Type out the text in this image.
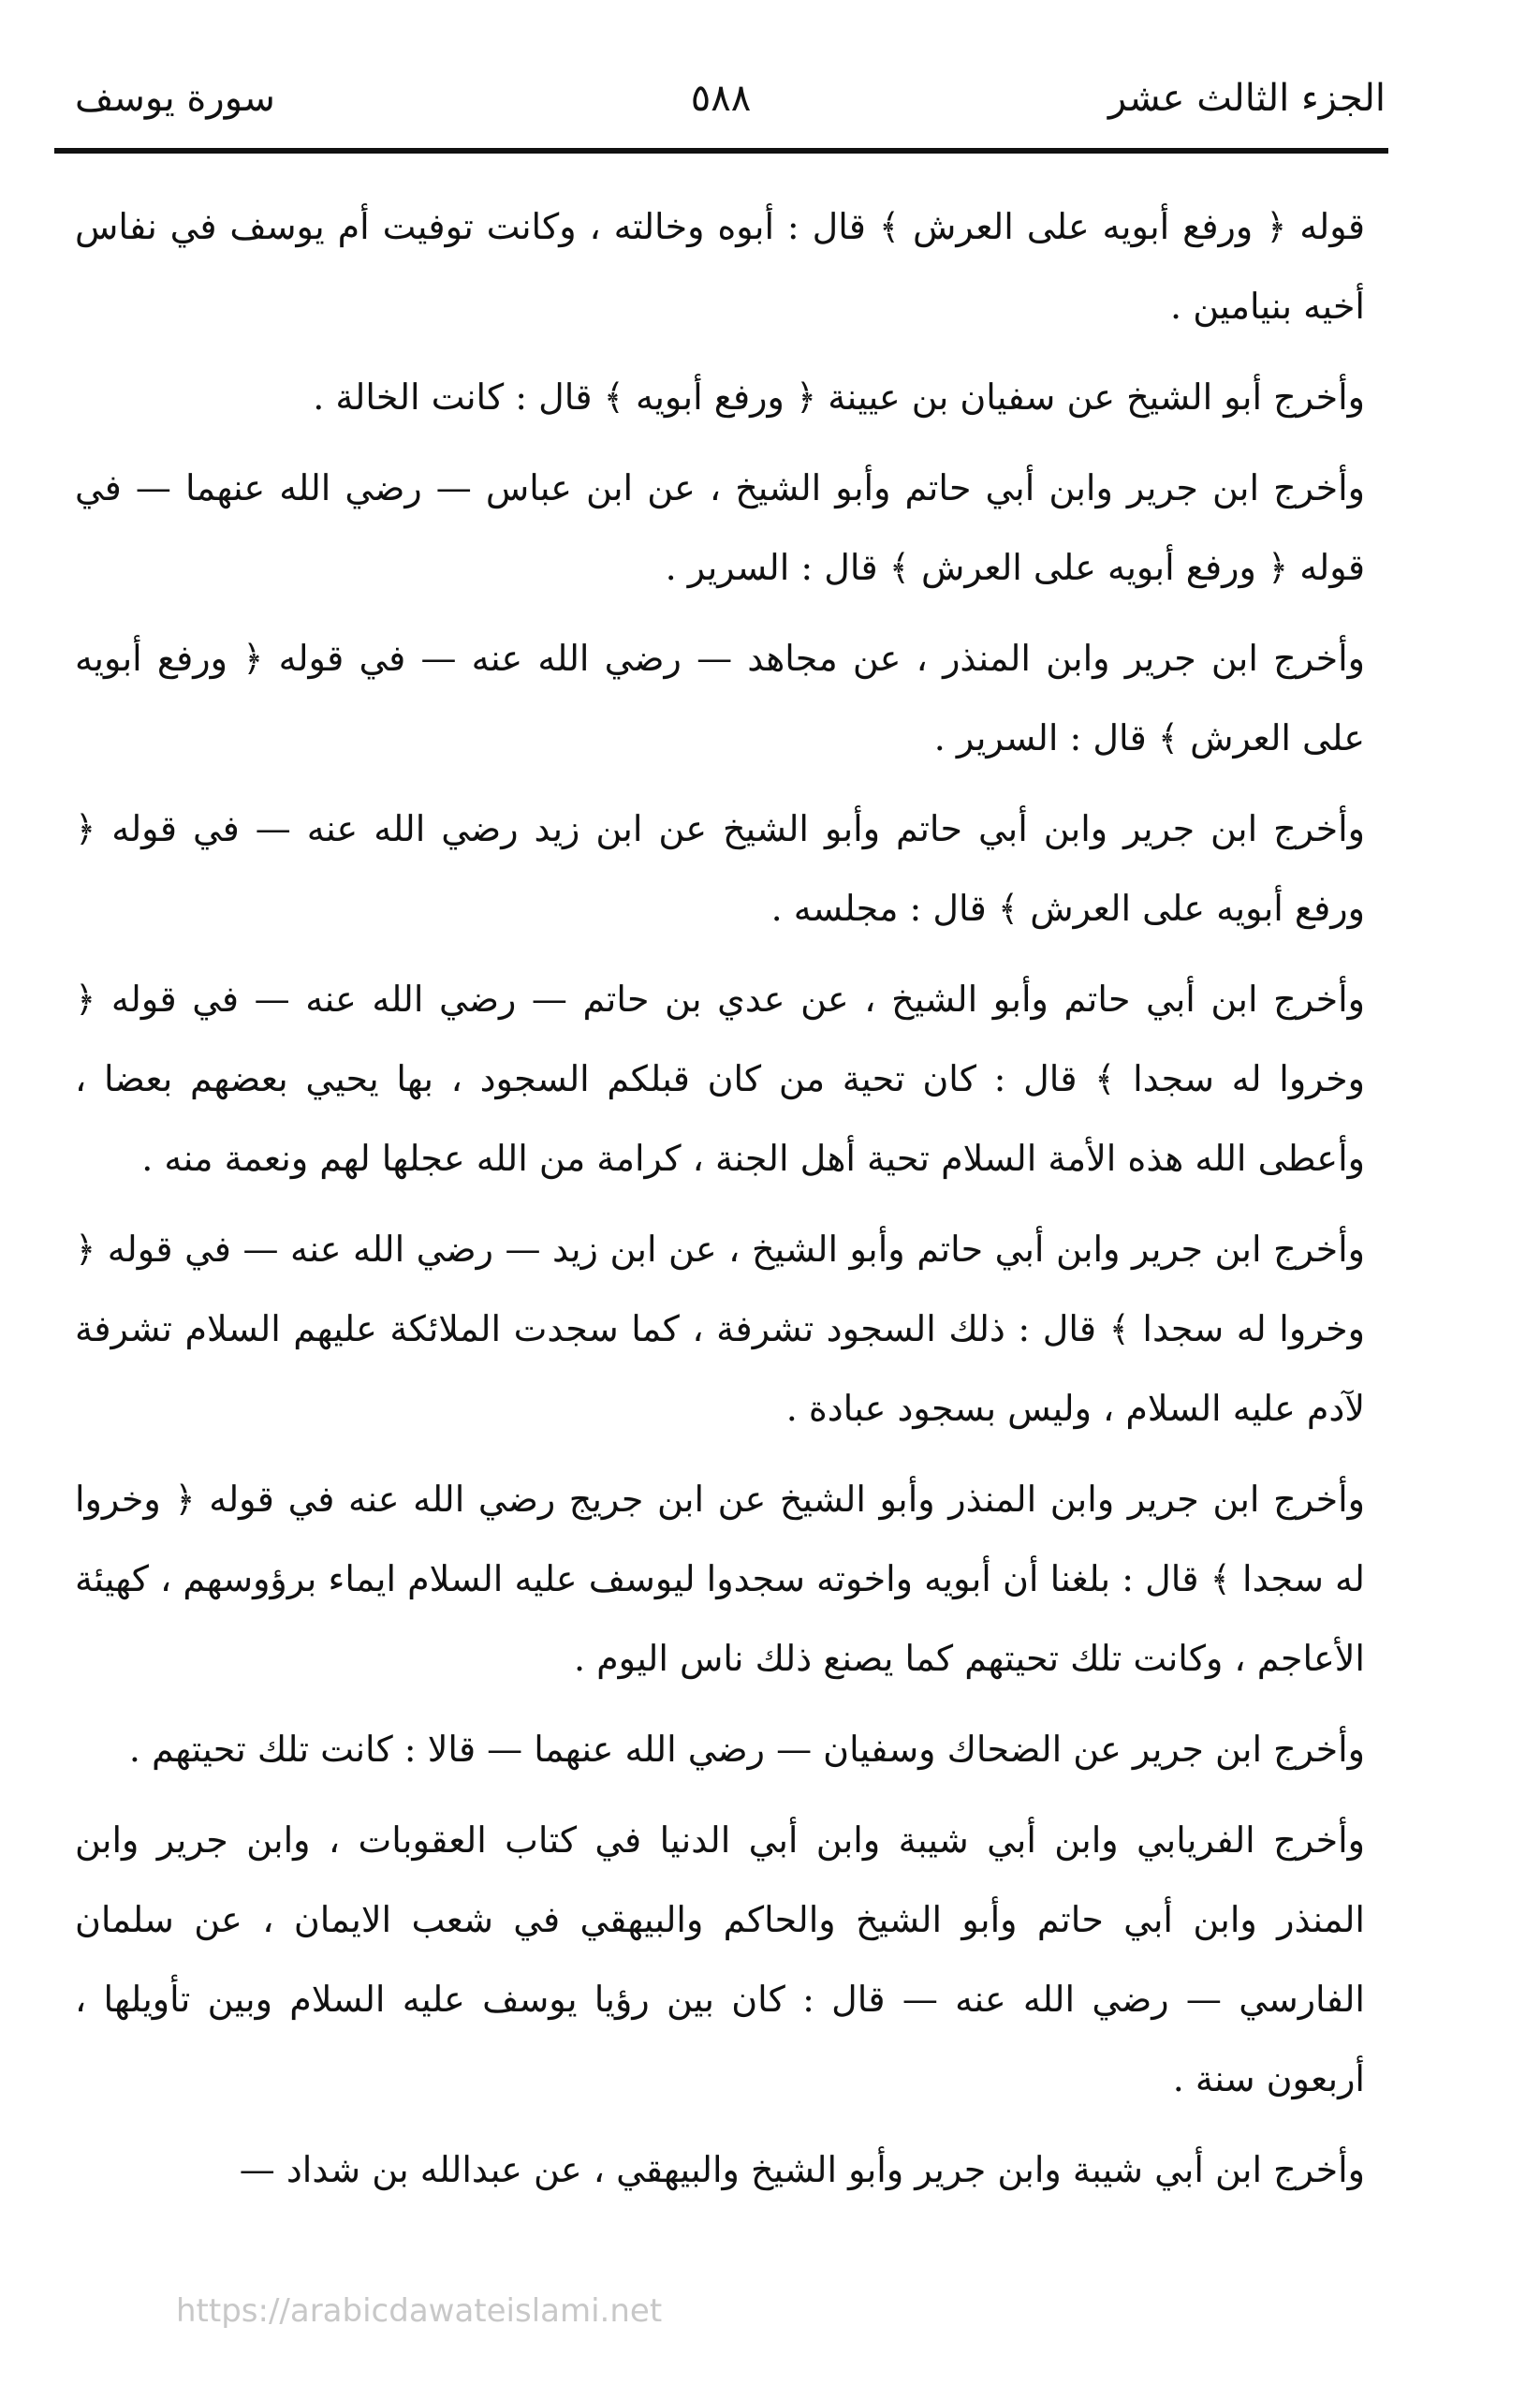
الجزء الثالث عشر
٥٨٨
سورة يوسف

قوله ﴿ ورفع أبويه على العرش ﴾ قال : أبوه وخالته ، وكانت توفيت أم يوسف في نفاس أخيه بنيامين .

وأخرج أبو الشيخ عن سفيان بن عيينة ﴿ ورفع أبويه ﴾ قال : كانت الخالة .

وأخرج ابن جرير وابن أبي حاتم وأبو الشيخ ، عن ابن عباس — رضي الله عنهما — في قوله ﴿ ورفع أبويه على العرش ﴾ قال : السرير .

وأخرج ابن جرير وابن المنذر ، عن مجاهد — رضي الله عنه — في قوله ﴿ ورفع أبويه على العرش ﴾ قال : السرير .

وأخرج ابن جرير وابن أبي حاتم وأبو الشيخ عن ابن زيد رضي الله عنه — في قوله ﴿ ورفع أبويه على العرش ﴾ قال : مجلسه .

وأخرج ابن أبي حاتم وأبو الشيخ ، عن عدي بن حاتم — رضي الله عنه — في قوله ﴿ وخروا له سجدا ﴾ قال : كان تحية من كان قبلكم السجود ، بها يحيي بعضهم بعضا ، وأعطى الله هذه الأمة السلام تحية أهل الجنة ، كرامة من الله عجلها لهم ونعمة منه .

وأخرج ابن جرير وابن أبي حاتم وأبو الشيخ ، عن ابن زيد — رضي الله عنه — في قوله ﴿ وخروا له سجدا ﴾ قال : ذلك السجود تشرفة ، كما سجدت الملائكة عليهم السلام تشرفة لآدم عليه السلام ، وليس بسجود عبادة .

وأخرج ابن جرير وابن المنذر وأبو الشيخ عن ابن جريج رضي الله عنه في قوله ﴿ وخروا له سجدا ﴾ قال : بلغنا أن أبويه واخوته سجدوا ليوسف عليه السلام ايماء برؤوسهم ، كهيئة الأعاجم ، وكانت تلك تحيتهم كما يصنع ذلك ناس اليوم .

وأخرج ابن جرير عن الضحاك وسفيان — رضي الله عنهما — قالا : كانت تلك تحيتهم .

وأخرج الفريابي وابن أبي شيبة وابن أبي الدنيا في كتاب العقوبات ، وابن جرير وابن المنذر وابن أبي حاتم وأبو الشيخ والحاكم والبيهقي في شعب الايمان ، عن سلمان الفارسي — رضي الله عنه — قال : كان بين رؤيا يوسف عليه السلام وبين تأويلها ، أربعون سنة .

وأخرج ابن أبي شيبة وابن جرير وأبو الشيخ والبيهقي ، عن عبدالله بن شداد —

https://arabicdawateislami.net
